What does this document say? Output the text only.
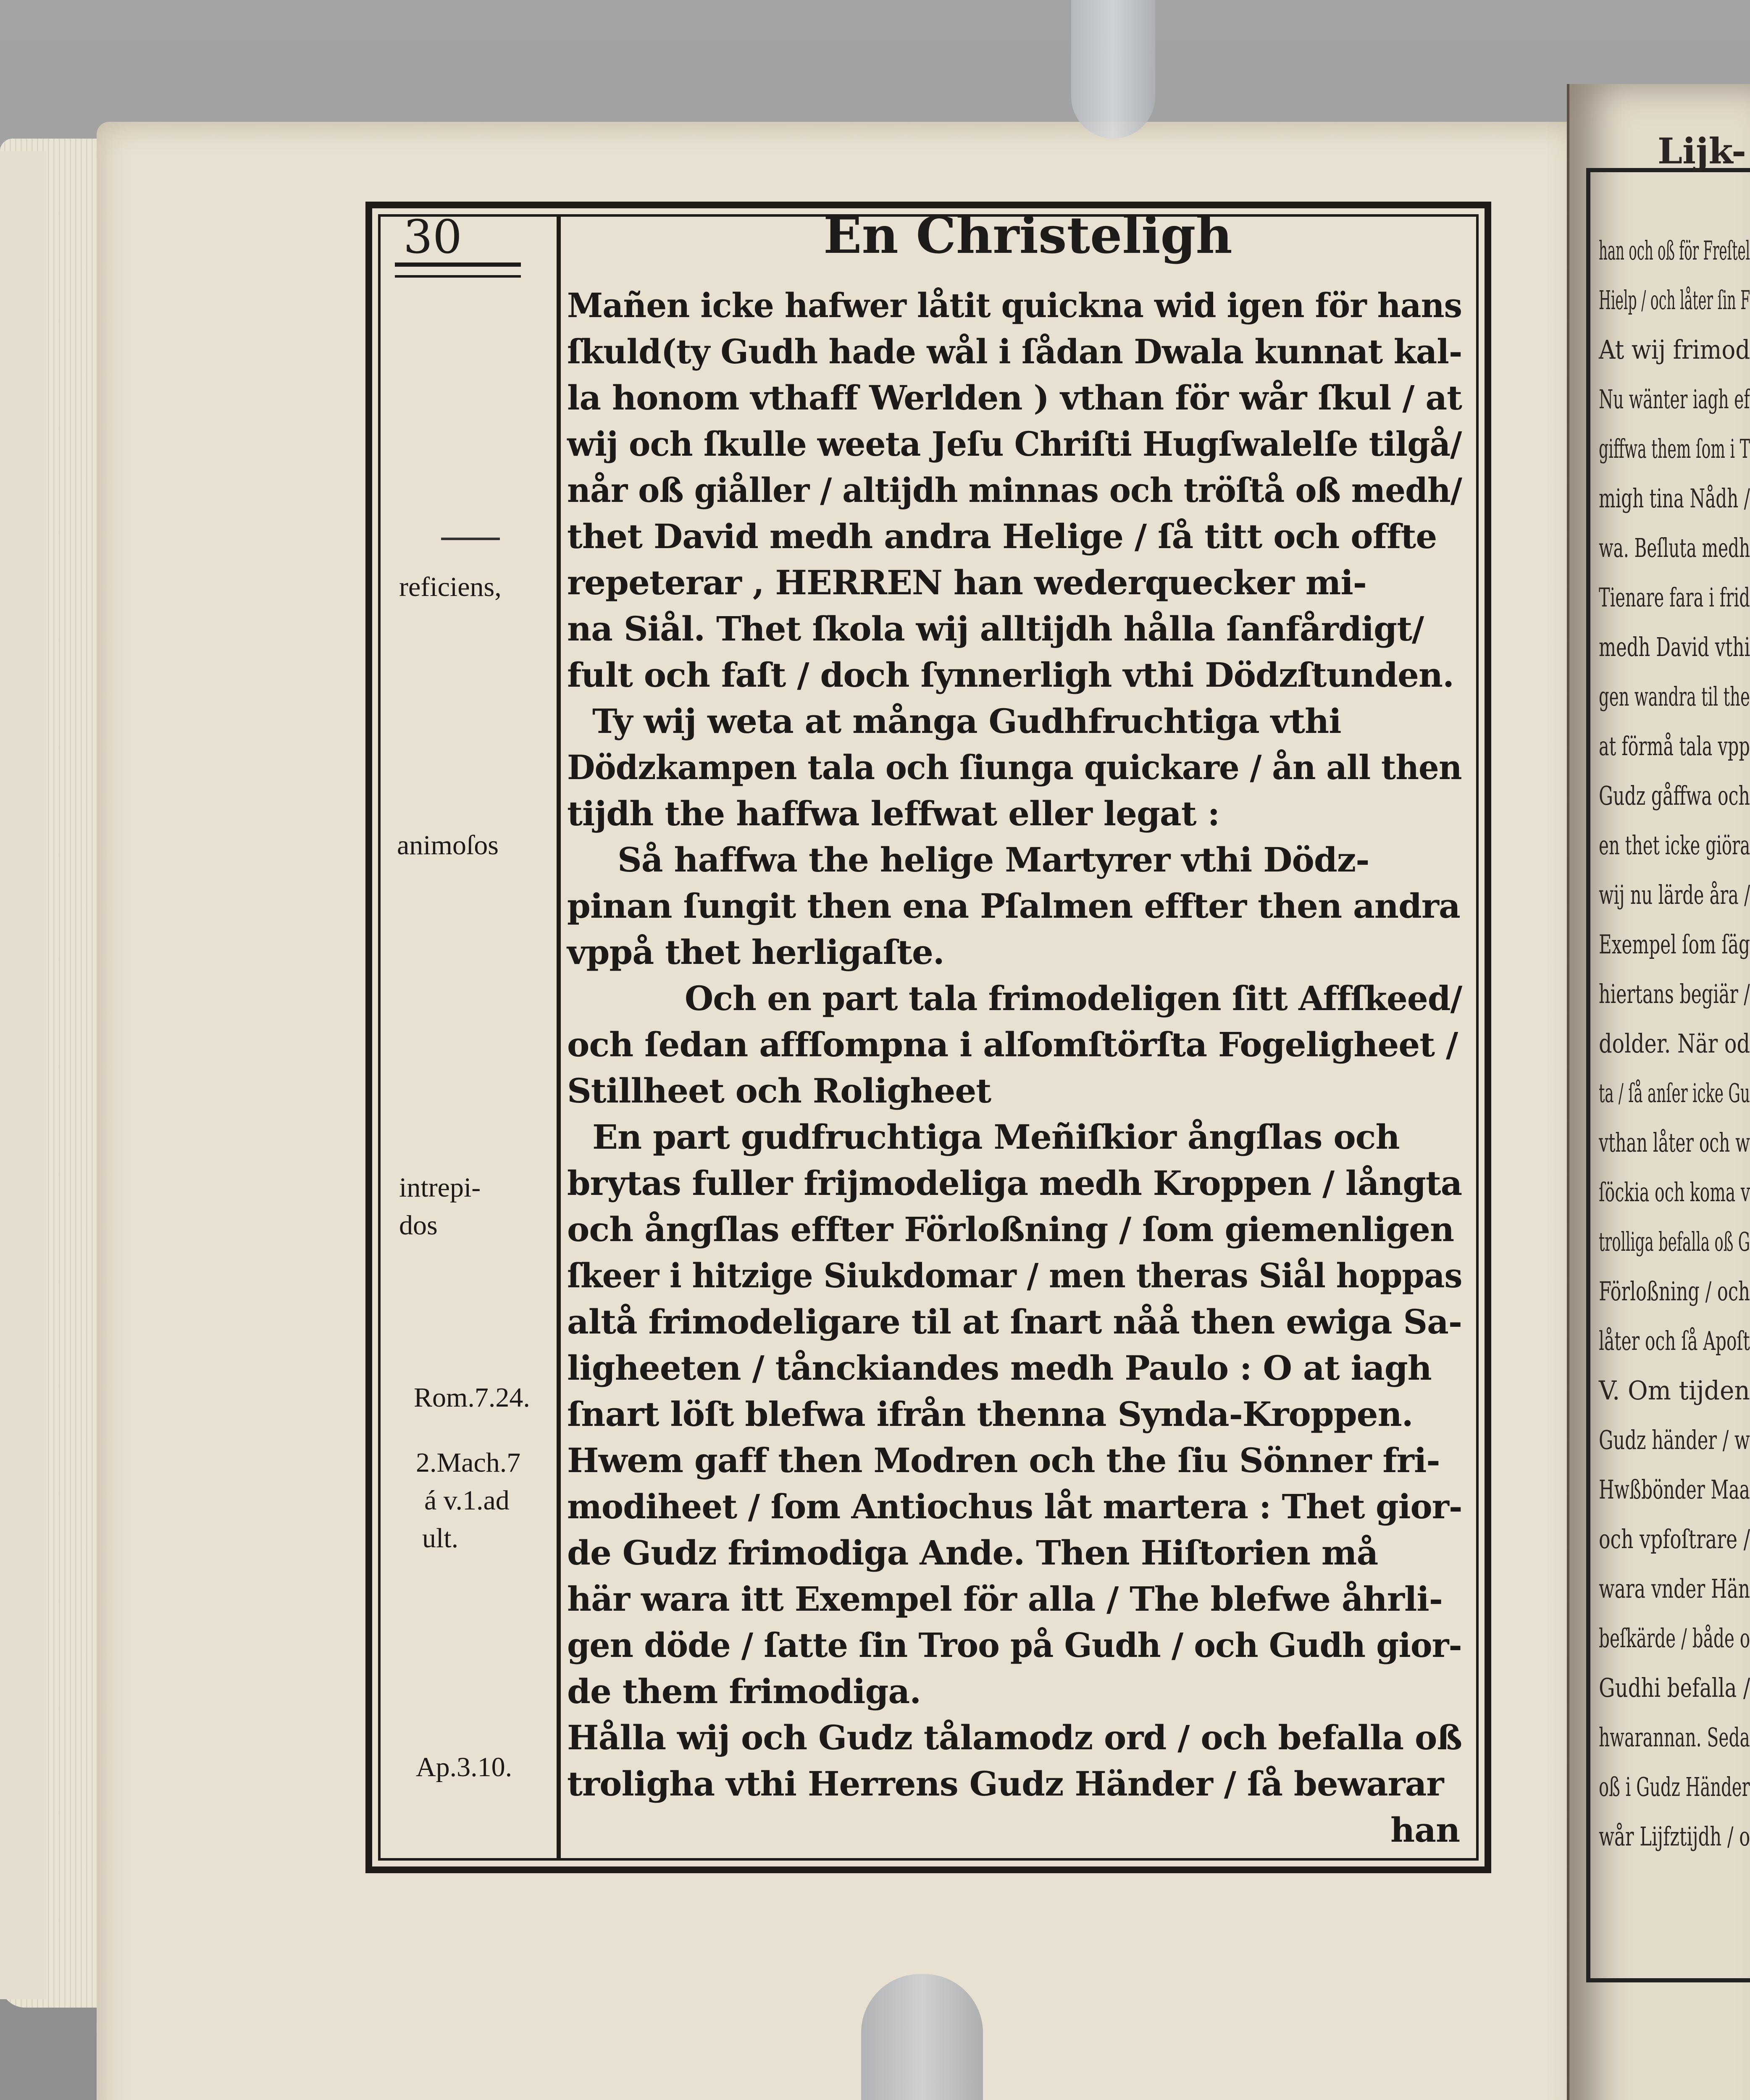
Lijk-
han och oß för Freſtel
Hielp / och låter ſin F
At wij frimod
Nu wänter iagh ef
giffwa them ſom i T
migh tina Nådh /
wa. Beſluta medh
Tienare fara i frid
medh David vthi
gen wandra til the
at förmå tala vpp
Gudz gåffwa och
en thet icke giöra
wij nu lärde åra /
Exempel ſom ſäg
hiertans begiär /
dolder. När od
ta / ſå anſer icke Gu
vthan låter och w
ſöckia och koma v
trolliga befalla oß G
Förloßning / och
låter och ſå Apoſt
V. Om tijden
Gudz händer / w
Hwßbönder Maa
och vpfoſtrare /
wara vnder Hän
beſkärde / både o
Gudhi befalla /
hwarannan. Seda
oß i Gudz Händer
wår Lijfztijdh / o
30	En Christeligh
reficiens,
animoſos
intrepi-
dos
Rom.7.24.
2.Mach.7
á v.1.ad
ult.
Ap.3.10.
Mañen icke hafwer låtit quickna wid igen för hans
ſkuld(ty Gudh hade wål i ſådan Dwala kunnat kal-
la honom vthaff Werlden ) vthan för wår ſkul / at
wij och ſkulle weeta Jeſu Chriſti Hugſwalelſe tilgå/
når oß giåller / altijdh minnas och tröſtå oß medh/
thet David medh andra Helige / ſå titt och offte
repeterar , HERREN han wederquecker mi-
na Siål. Thet ſkola wij alltijdh hålla ſanfårdigt/
fult och faſt / doch ſynnerligh vthi Dödzſtunden.
Ty wij weta at många Gudhfruchtiga vthi
Dödzkampen tala och ſiunga quickare / ån all then
tijdh the haffwa leffwat eller legat :
Så haffwa the helige Martyrer vthi Dödz-
pinan ſungit then ena Pſalmen effter then andra
vppå thet herligaſte.
Och en part tala frimodeligen ſitt Affſkeed/
och ſedan affſompna i alſomſtörſta Fogeligheet /
Stillheet och Roligheet
En part gudfruchtiga Meñiſkior ångſlas och
brytas fuller frijmodeliga medh Kroppen / långta
och ångſlas effter Förloßning / ſom giemenligen
ſkeer i hitzige Siukdomar / men theras Siål hoppas
altå frimodeligare til at ſnart nåå then ewiga Sa-
ligheeten / tånckiandes medh Paulo : O at iagh
ſnart löſt blefwa ifrån thenna Synda-Kroppen.
Hwem gaff then Modren och the ſiu Sönner fri-
modiheet / ſom Antiochus låt martera : Thet gior-
de Gudz frimodiga Ande. Then Hiſtorien må
här wara itt Exempel för alla / The blefwe åhrli-
gen döde / ſatte ſin Troo på Gudh / och Gudh gior-
de them frimodiga.
Hålla wij och Gudz tålamodz ord / och befalla oß
troligha vthi Herrens Gudz Händer / ſå bewarar
han
